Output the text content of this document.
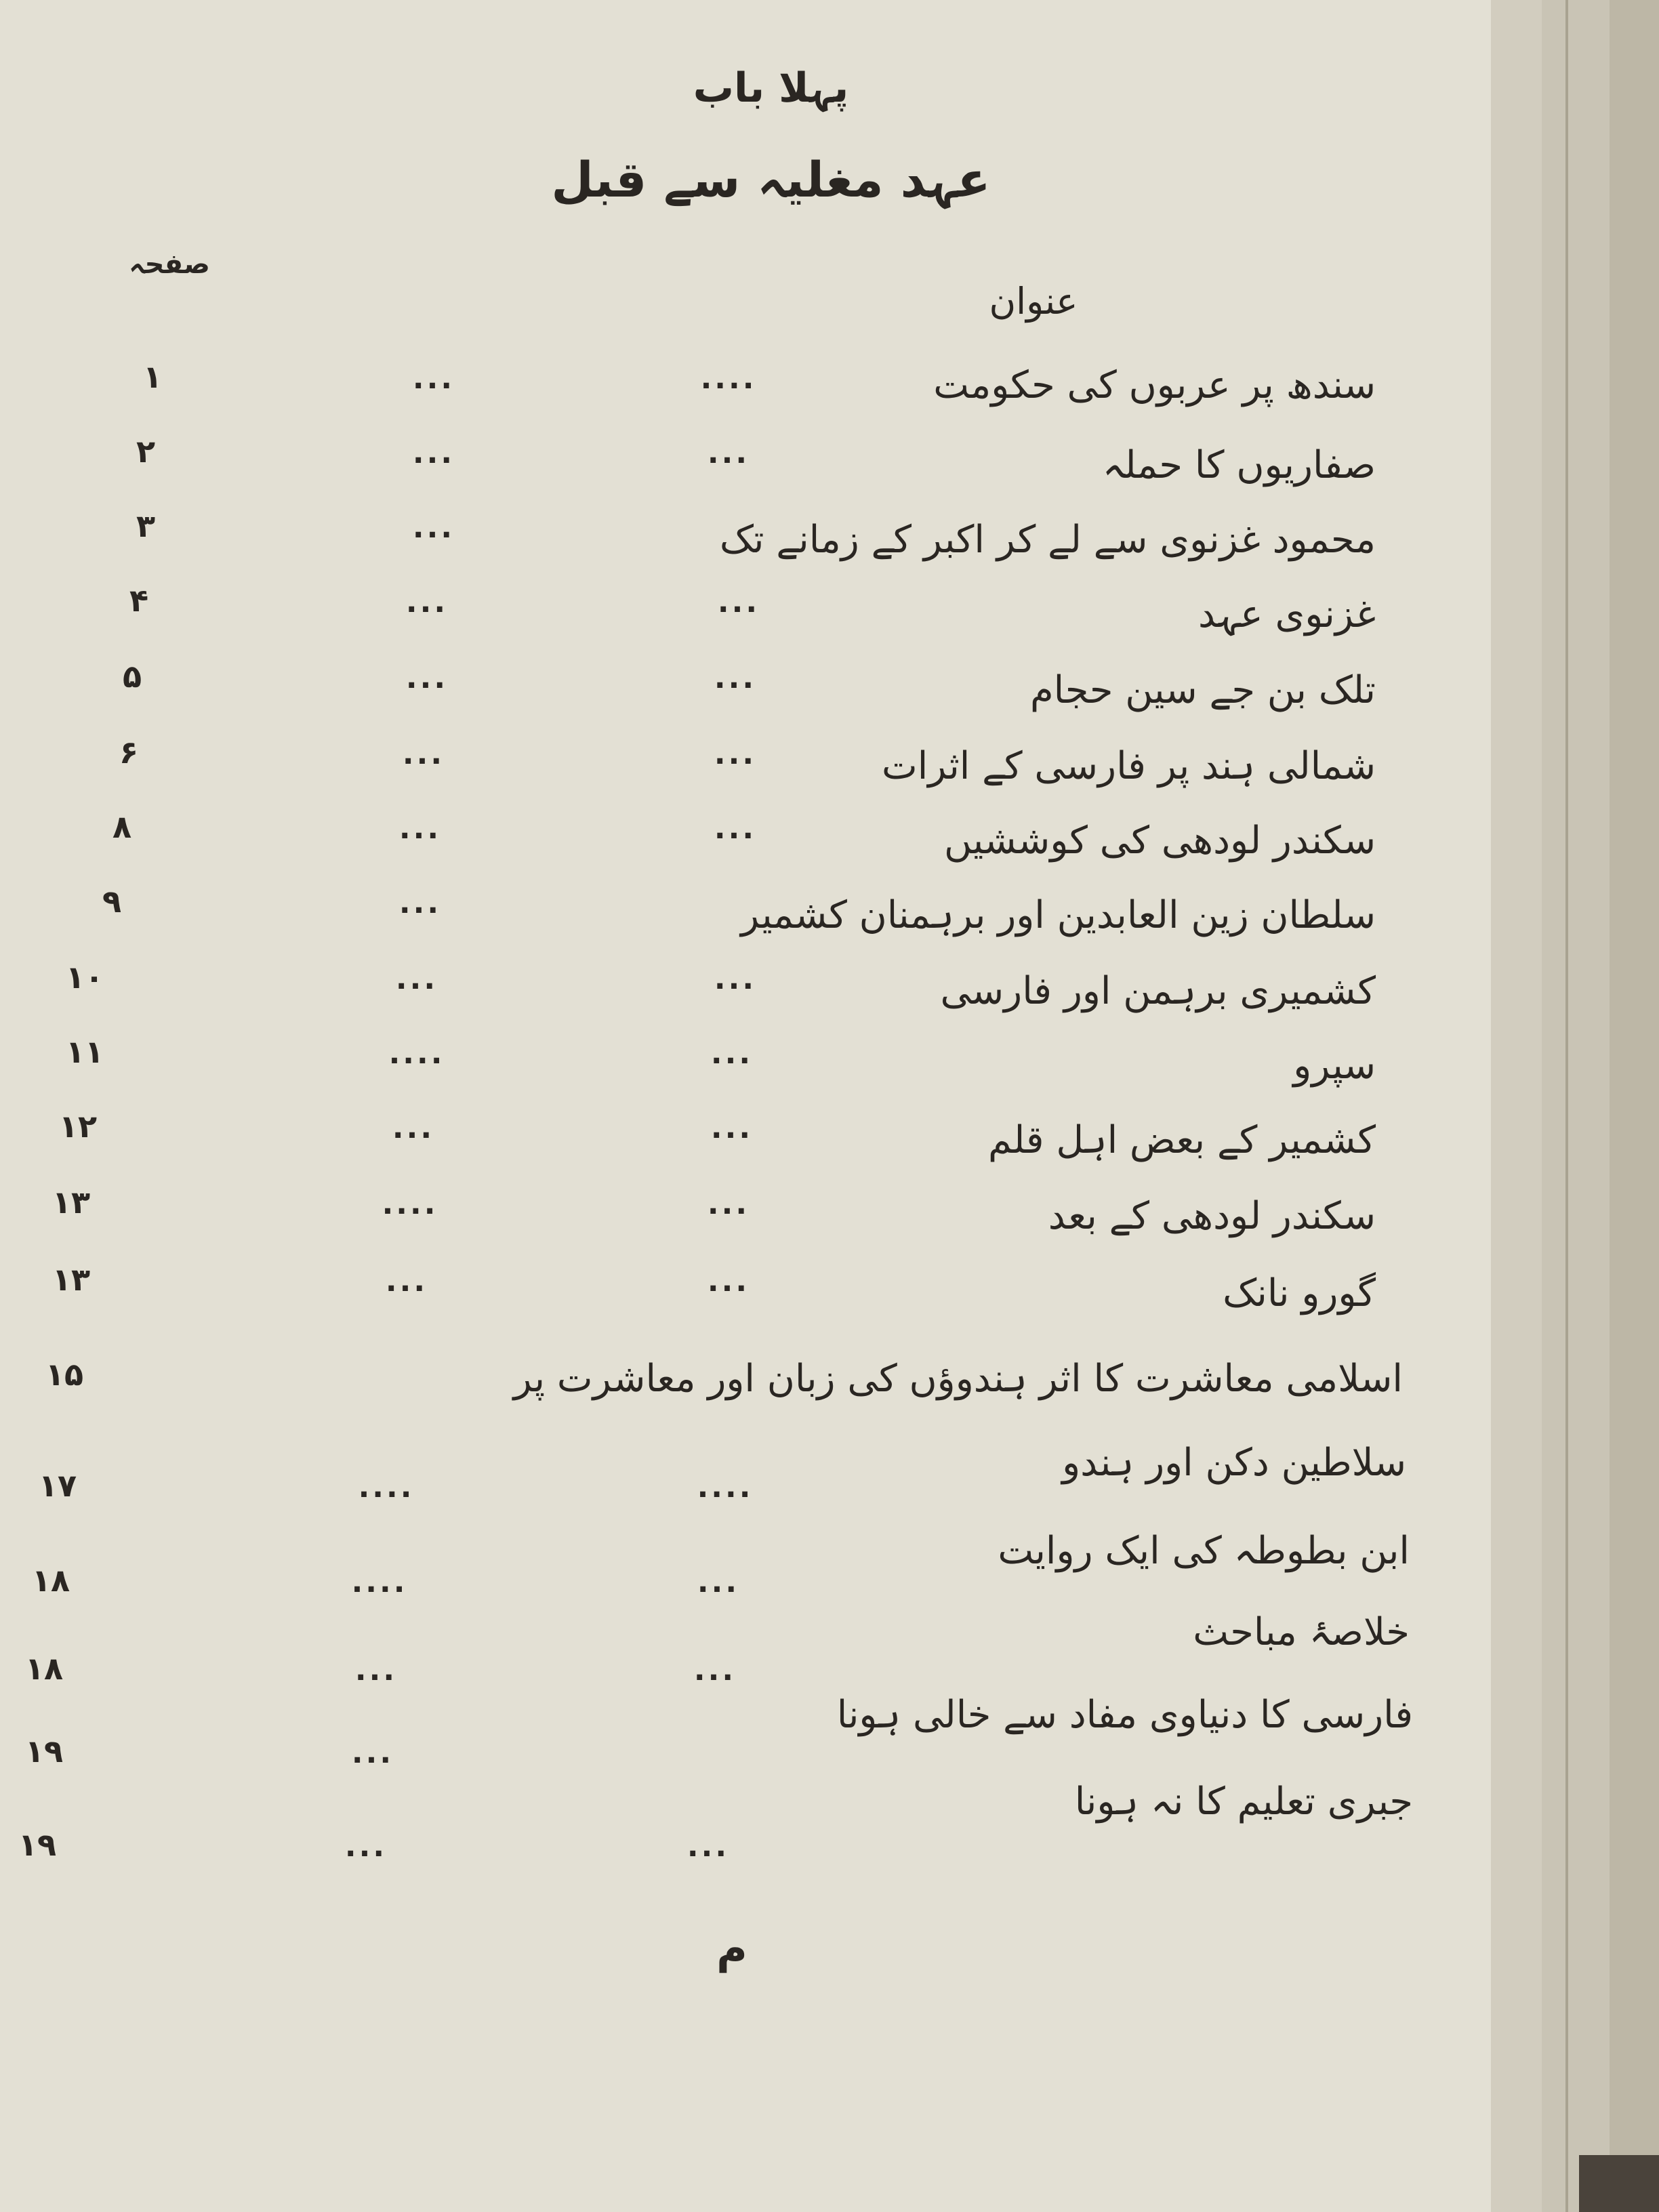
پہلا باب
عہد مغلیہ سے قبل
صفحہ
عنوان
سندھ پر عربوں کی حکومت
....
...
۱
صفاریوں کا حملہ
...
...
۲
محمود غزنوی سے لے کر اکبر کے زمانے تک
...
۳
غزنوی عہد
...
...
۴
تلک بن جے سین حجام
...
...
۵
شمالی ہند پر فارسی کے اثرات
...
...
۶
سکندر لودھی کی کوششیں
...
...
۸
سلطان زین العابدین اور برہمنان کشمیر
...
۹
کشمیری برہمن اور فارسی
...
...
۱۰
سپرو
...
....
۱۱
کشمیر کے بعض اہل قلم
...
...
۱۲
سکندر لودھی کے بعد
...
....
۱۳
گورو نانک
...
...
۱۳
اسلامی معاشرت کا اثر ہندوؤں کی زبان اور معاشرت پر
۱۵
سلاطین دکن اور ہندو
....
....
۱۷
ابن بطوطہ کی ایک روایت
...
....
۱۸
خلاصۂ مباحث
...
...
۱۸
فارسی کا دنیاوی مفاد سے خالی ہونا
...
۱۹
جبری تعلیم کا نہ ہونا
...
...
۱۹
م
